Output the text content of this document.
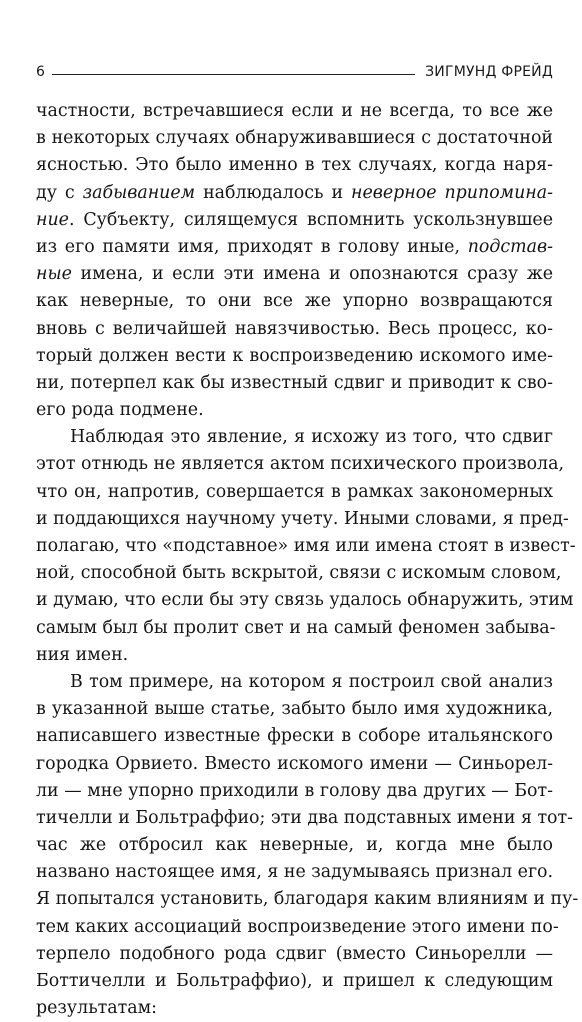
6	ЗИГМУНД ФРЕЙД
частности, встречавшиеся если и не всегда, то все же
в некоторых случаях обнаруживавшиеся с достаточной
ясностью. Это было именно в тех случаях, когда наря-
ду с забыванием наблюдалось и неверное припомина-
ние. Субъекту, силящемуся вспомнить ускользнувшее
из его памяти имя, приходят в голову иные, подстав-
ные имена, и если эти имена и опознаются сразу же
как неверные, то они все же упорно возвращаются
вновь с величайшей навязчивостью. Весь процесс, ко-
торый должен вести к воспроизведению искомого име-
ни, потерпел как бы известный сдвиг и приводит к сво-
его рода подмене.
Наблюдая это явление, я исхожу из того, что сдвиг
этот отнюдь не является актом психического произвола,
что он, напротив, совершается в рамках закономерных
и поддающихся научному учету. Иными словами, я пред-
полагаю, что «подставное» имя или имена стоят в извест-
ной, способной быть вскрытой, связи с искомым словом,
и думаю, что если бы эту связь удалось обнаружить, этим
самым был бы пролит свет и на самый феномен забыва-
ния имен.
В том примере, на котором я построил свой анализ
в указанной выше статье, забыто было имя художника,
написавшего известные фрески в соборе итальянского
городка Орвието. Вместо искомого имени — Синьорел-
ли — мне упорно приходили в голову два других — Бот-
тичелли и Больтраффио; эти два подставных имени я тот-
час же отбросил как неверные, и, когда мне было
названо настоящее имя, я не задумываясь признал его.
Я попытался установить, благодаря каким влияниям и пу-
тем каких ассоциаций воспроизведение этого имени по-
терпело подобного рода сдвиг (вместо Синьорелли —
Боттичелли и Больтраффио), и пришел к следующим
результатам:
